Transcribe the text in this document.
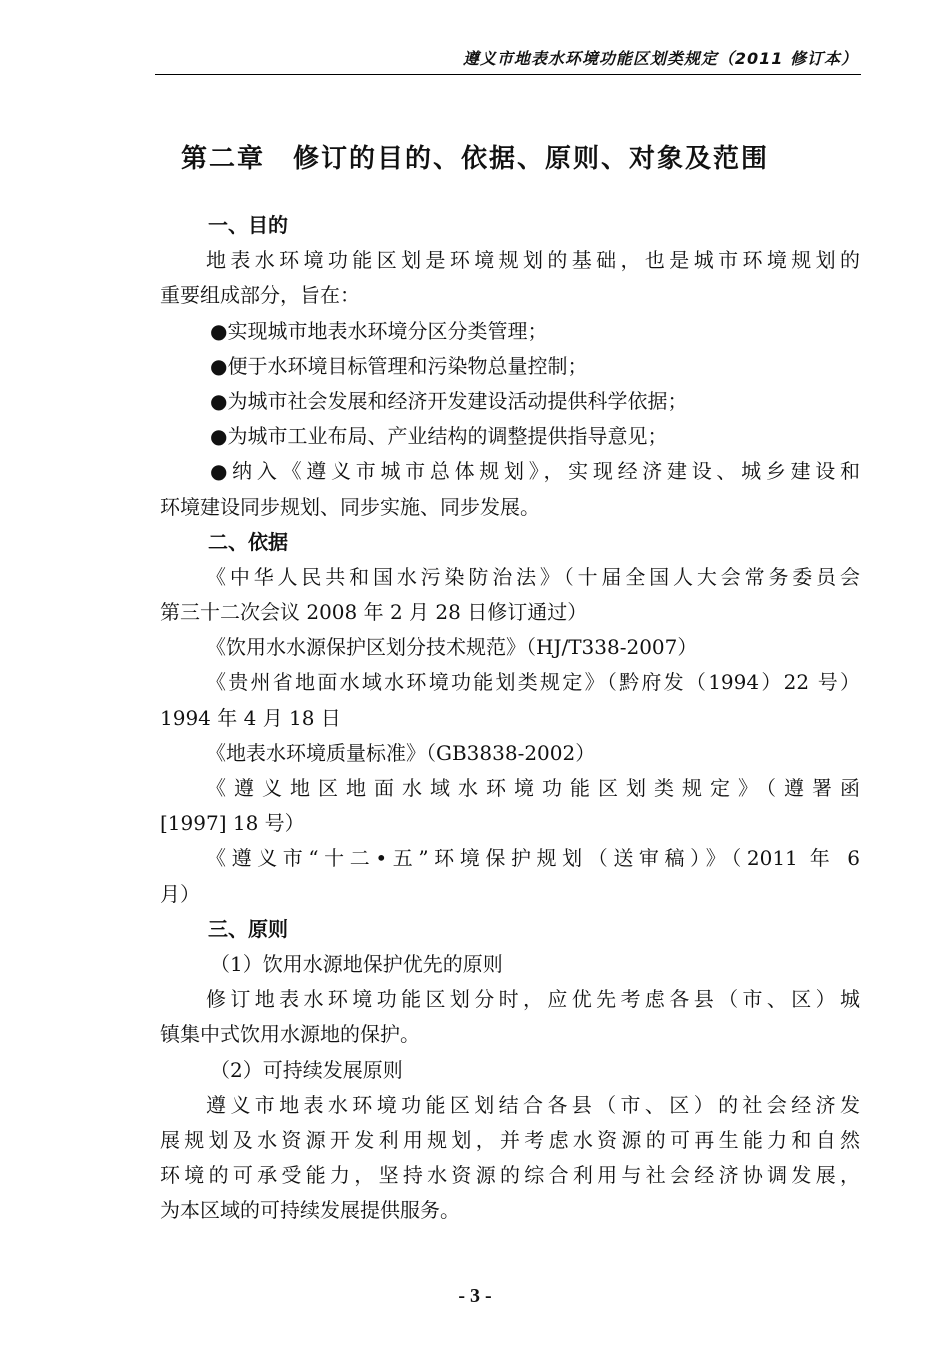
遵义市地表水环境功能区划类规定（2011 修订本）
第二章　修订的目的、依据、原则、对象及范围
一、目的
地表水环境功能区划是环境规划的基础，也是城市环境规划的
重要组成部分，旨在：
●实现城市地表水环境分区分类管理；
●便于水环境目标管理和污染物总量控制；
●为城市社会发展和经济开发建设活动提供科学依据；
●为城市工业布局、产业结构的调整提供指导意见；
●纳入《遵义市城市总体规划》，实现经济建设、城乡建设和
环境建设同步规划、同步实施、同步发展。
二、依据
《中华人民共和国水污染防治法》（十届全国人大会常务委员会
第三十二次会议 2008 年 2 月 28 日修订通过）
《饮用水水源保护区划分技术规范》（HJ/T338-2007）
《贵州省地面水域水环境功能划类规定》（黔府发（1994）22 号）
1994 年 4 月 18 日
《地表水环境质量标准》（GB3838-2002）
《遵义地区地面水域水环境功能区划类规定》（遵署函
[1997] 18 号）
《遵义市“十二•五”环境保护规划（送审稿）》（2011 年 6
月）
三、原则
（1）饮用水源地保护优先的原则
修订地表水环境功能区划分时，应优先考虑各县（市、区）城
镇集中式饮用水源地的保护。
（2）可持续发展原则
遵义市地表水环境功能区划结合各县（市、区）的社会经济发
展规划及水资源开发利用规划，并考虑水资源的可再生能力和自然
环境的可承受能力，坚持水资源的综合利用与社会经济协调发展，
为本区域的可持续发展提供服务。
- 3 -
